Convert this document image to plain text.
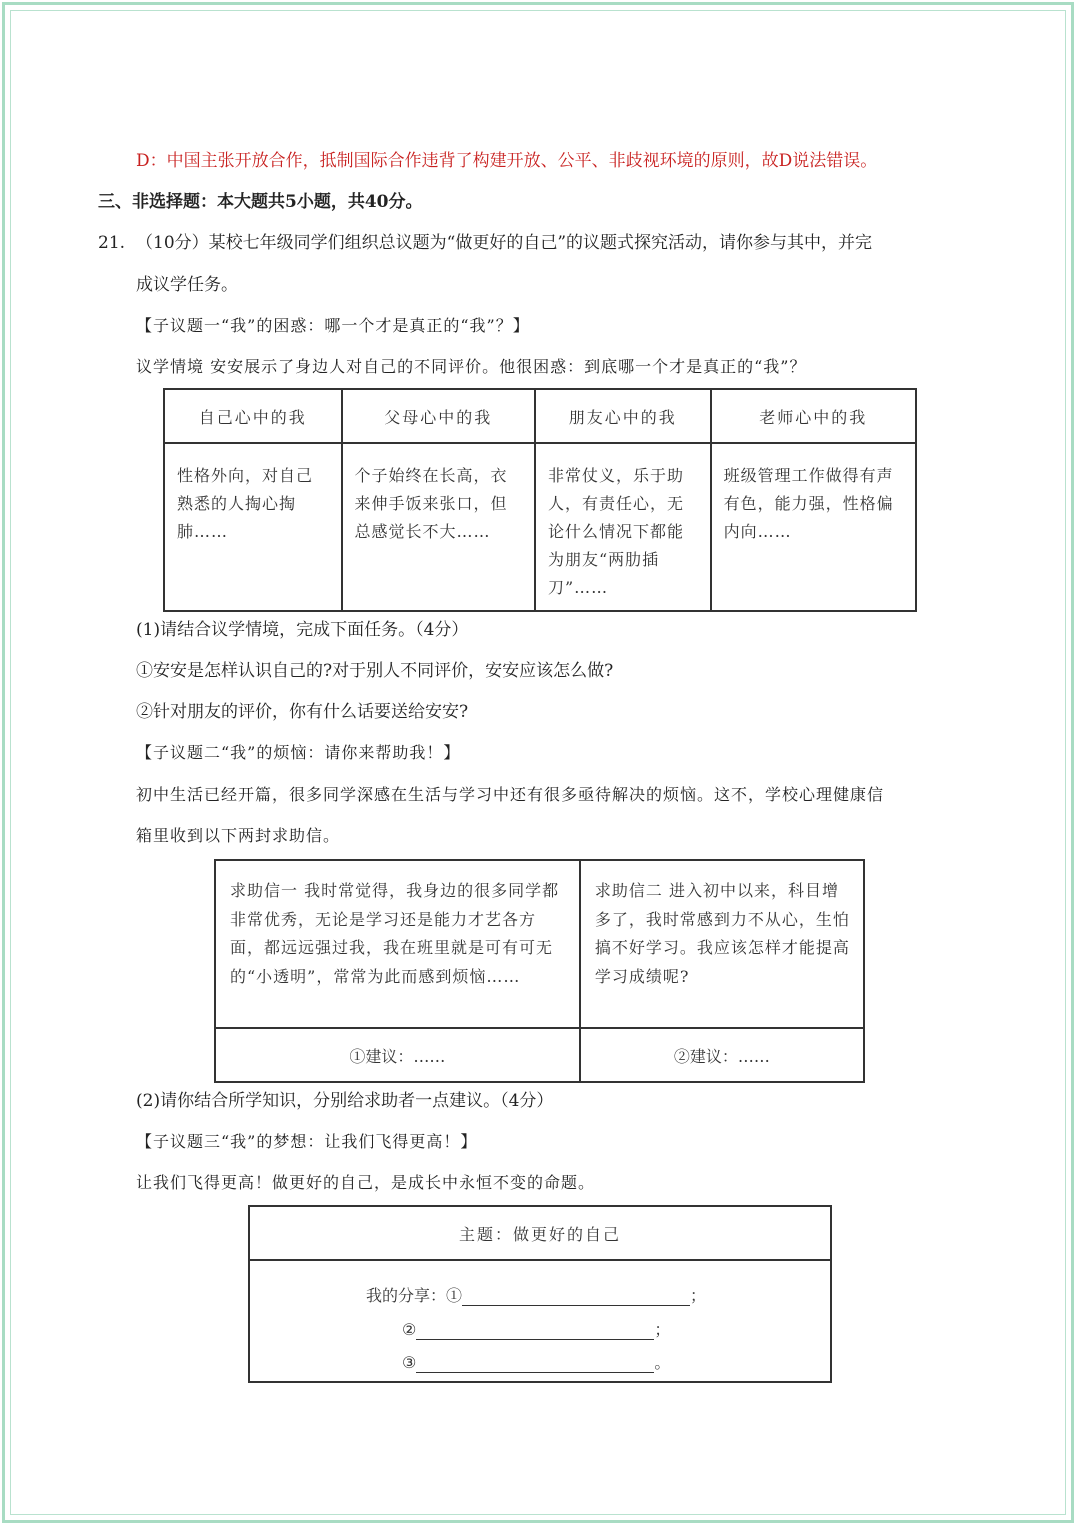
D：中国主张开放合作，抵制国际合作违背了构建开放、公平、非歧视环境的原则，故D说法错误。
三、非选择题：本大题共5小题，共40分。
21. （10分）某校七年级同学们组织总议题为“做更好的自己”的议题式探究活动，请你参与其中，并完
成议学任务。
【子议题一“我”的困惑：哪一个才是真正的“我”？】
议学情境 安安展示了身边人对自己的不同评价。他很困惑：到底哪一个才是真正的“我”？
自己心中的我	父母心中的我	朋友心中的我	老师心中的我
性格外向，对自己熟悉的人掏心掏肺……	个子始终在长高，衣来伸手饭来张口，但总感觉长不大……	非常仗义，乐于助人，有责任心，无论什么情况下都能为朋友“两肋插刀”……	班级管理工作做得有声有色，能力强，性格偏内向……
(1)请结合议学情境，完成下面任务。（4分）
①安安是怎样认识自己的?对于别人不同评价，安安应该怎么做?
②针对朋友的评价，你有什么话要送给安安?
【子议题二“我”的烦恼：请你来帮助我！】
初中生活已经开篇，很多同学深感在生活与学习中还有很多亟待解决的烦恼。这不，学校心理健康信
箱里收到以下两封求助信。
求助信一 我时常觉得，我身边的很多同学都非常优秀，无论是学习还是能力才艺各方面，都远远强过我，我在班里就是可有可无的“小透明”，常常为此而感到烦恼……	求助信二 进入初中以来，科目增多了，我时常感到力不从心，生怕搞不好学习。我应该怎样才能提高学习成绩呢?
①建议：……	②建议：……
(2)请你结合所学知识，分别给求助者一点建议。（4分）
【子议题三“我”的梦想：让我们飞得更高！】
让我们飞得更高！做更好的自己，是成长中永恒不变的命题。
主题：做更好的自己

我的分享：①	；
②	；
③	。
